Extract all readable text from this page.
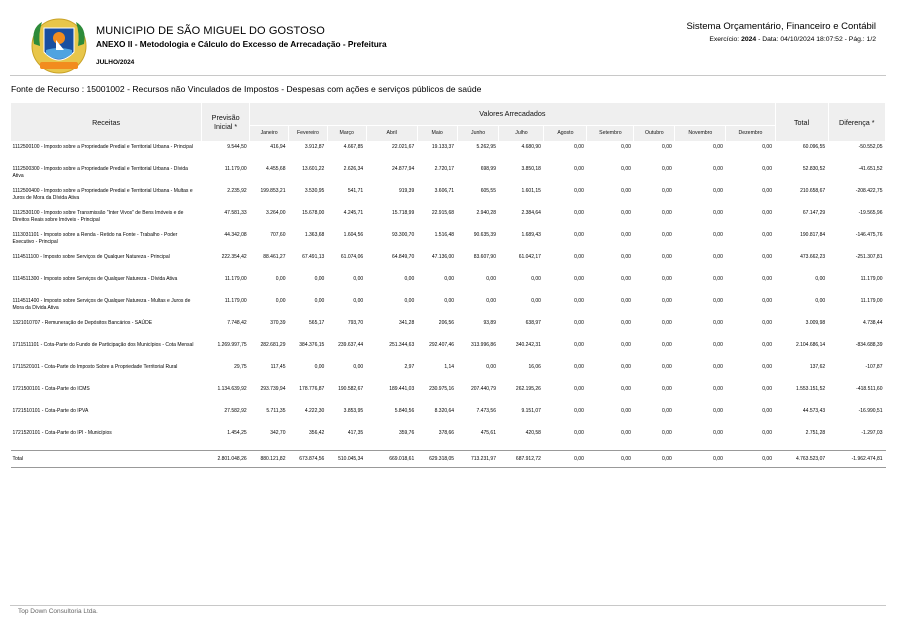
MUNICIPIO DE SÃO MIGUEL DO GOSTOSO
ANEXO II - Metodologia e Cálculo do Excesso de Arrecadação - Prefeitura
JULHO/2024
Sistema Orçamentário, Financeiro e Contábil
Exercício: 2024 - Data: 04/10/2024 18:07:52 - Pág.: 1/2
Fonte de Recurso : 15001002 - Recursos não Vinculados de Impostos - Despesas com ações e serviços públicos de saúde
Receitas	Previsão Inicial *	Valores Arrecadados												Total	Diferença *
		Janeiro	Fevereiro	Março	Abril	Maio	Junho	Julho	Agosto	Setembro	Outubro	Novembro	Dezembro		
1112500100 - Imposto sobre a Propriedade Predial e Territorial Urbana - Principal	9.544,50	416,94	3.912,87	4.667,85	22.021,67	19.133,37	5.262,95	4.680,90	0,00	0,00	0,00	0,00	0,00	60.096,55	-50.552,05
1112500300 - Imposto sobre a Propriedade Predial e Territorial Urbana - Dívida Ativa	11.179,00	4.455,68	13.601,22	2.626,34	24.877,94	2.720,17	698,99	3.850,18	0,00	0,00	0,00	0,00	0,00	52.830,52	-41.651,52
1112500400 - Imposto sobre a Propriedade Predial e Territorial Urbana - Multas e Juros de Mora da Dívida Ativa	2.235,92	199.853,21	3.530,95	541,71	919,39	3.606,71	605,55	1.601,15	0,00	0,00	0,00	0,00	0,00	210.658,67	-208.422,75
1112530100 - Imposto sobre Transmissão "Inter Vivos" de Bens Imóveis e de Direitos Reais sobre Imóveis - Principal	47.581,33	3.264,00	15.678,00	4.245,71	15.718,99	22.915,68	2.940,28	2.384,64	0,00	0,00	0,00	0,00	0,00	67.147,29	-19.565,96
1113031101 - Imposto sobre a Renda - Retido na Fonte - Trabalho - Poder Executivo - Principal	44.342,08	707,60	1.363,68	1.604,56	93.300,70	1.516,48	90.635,39	1.689,43	0,00	0,00	0,00	0,00	0,00	190.817,84	-146.475,76
1114511100 - Imposto sobre Serviços de Qualquer Natureza - Principal	222.354,42	88.461,27	67.491,13	61.074,06	64.849,70	47.136,00	83.607,90	61.042,17	0,00	0,00	0,00	0,00	0,00	473.662,23	-251.307,81
1114511300 - Imposto sobre Serviços de Qualquer Natureza - Dívida Ativa	11.179,00	0,00	0,00	0,00	0,00	0,00	0,00	0,00	0,00	0,00	0,00	0,00	0,00	0,00	11.179,00
1114511400 - Imposto sobre Serviços de Qualquer Natureza - Multas e Juros de Mora da Dívida Ativa	11.179,00	0,00	0,00	0,00	0,00	0,00	0,00	0,00	0,00	0,00	0,00	0,00	0,00	0,00	11.179,00
1321010707 - Remuneração de Depósitos Bancários - SAÚDE	7.748,42	370,39	565,17	793,70	341,28	206,56	93,89	638,97	0,00	0,00	0,00	0,00	0,00	3.009,98	4.738,44
1711511101 - Cota-Parte do Fundo de Participação dos Municípios - Cota Mensal	1.269.997,75	282.681,29	384.376,15	239.637,44	251.344,63	292.407,46	313.996,86	340.242,31	0,00	0,00	0,00	0,00	0,00	2.104.686,14	-834.688,39
1711520101 - Cota-Parte do Imposto Sobre a Propriedade Territorial Rural	29,75	117,45	0,00	0,00	2,97	1,14	0,00	16,06	0,00	0,00	0,00	0,00	0,00	137,62	-107,87
1721500101 - Cota-Parte do ICMS	1.134.639,92	293.739,94	178.776,87	190.582,67	189.441,03	230.975,16	207.440,79	262.195,26	0,00	0,00	0,00	0,00	0,00	1.553.151,52	-418.511,60
1721510101 - Cota-Parte do IPVA	27.582,92	5.711,35	4.222,30	3.853,95	5.840,56	8.320,64	7.473,56	9.151,07	0,00	0,00	0,00	0,00	0,00	44.573,43	-16.990,51
1721520101 - Cota-Parte do IPI - Municípios	1.454,25	342,70	356,42	417,35	359,76	378,66	475,61	420,58	0,00	0,00	0,00	0,00	0,00	2.751,28	-1.297,03
Total	2.801.048,26	880.121,82	673.874,56	510.045,34	669.018,61	629.318,05	713.231,97	687.912,72	0,00	0,00	0,00	0,00	0,00	4.763.523,07	-1.962.474,81
Top Down Consultoria Ltda.
